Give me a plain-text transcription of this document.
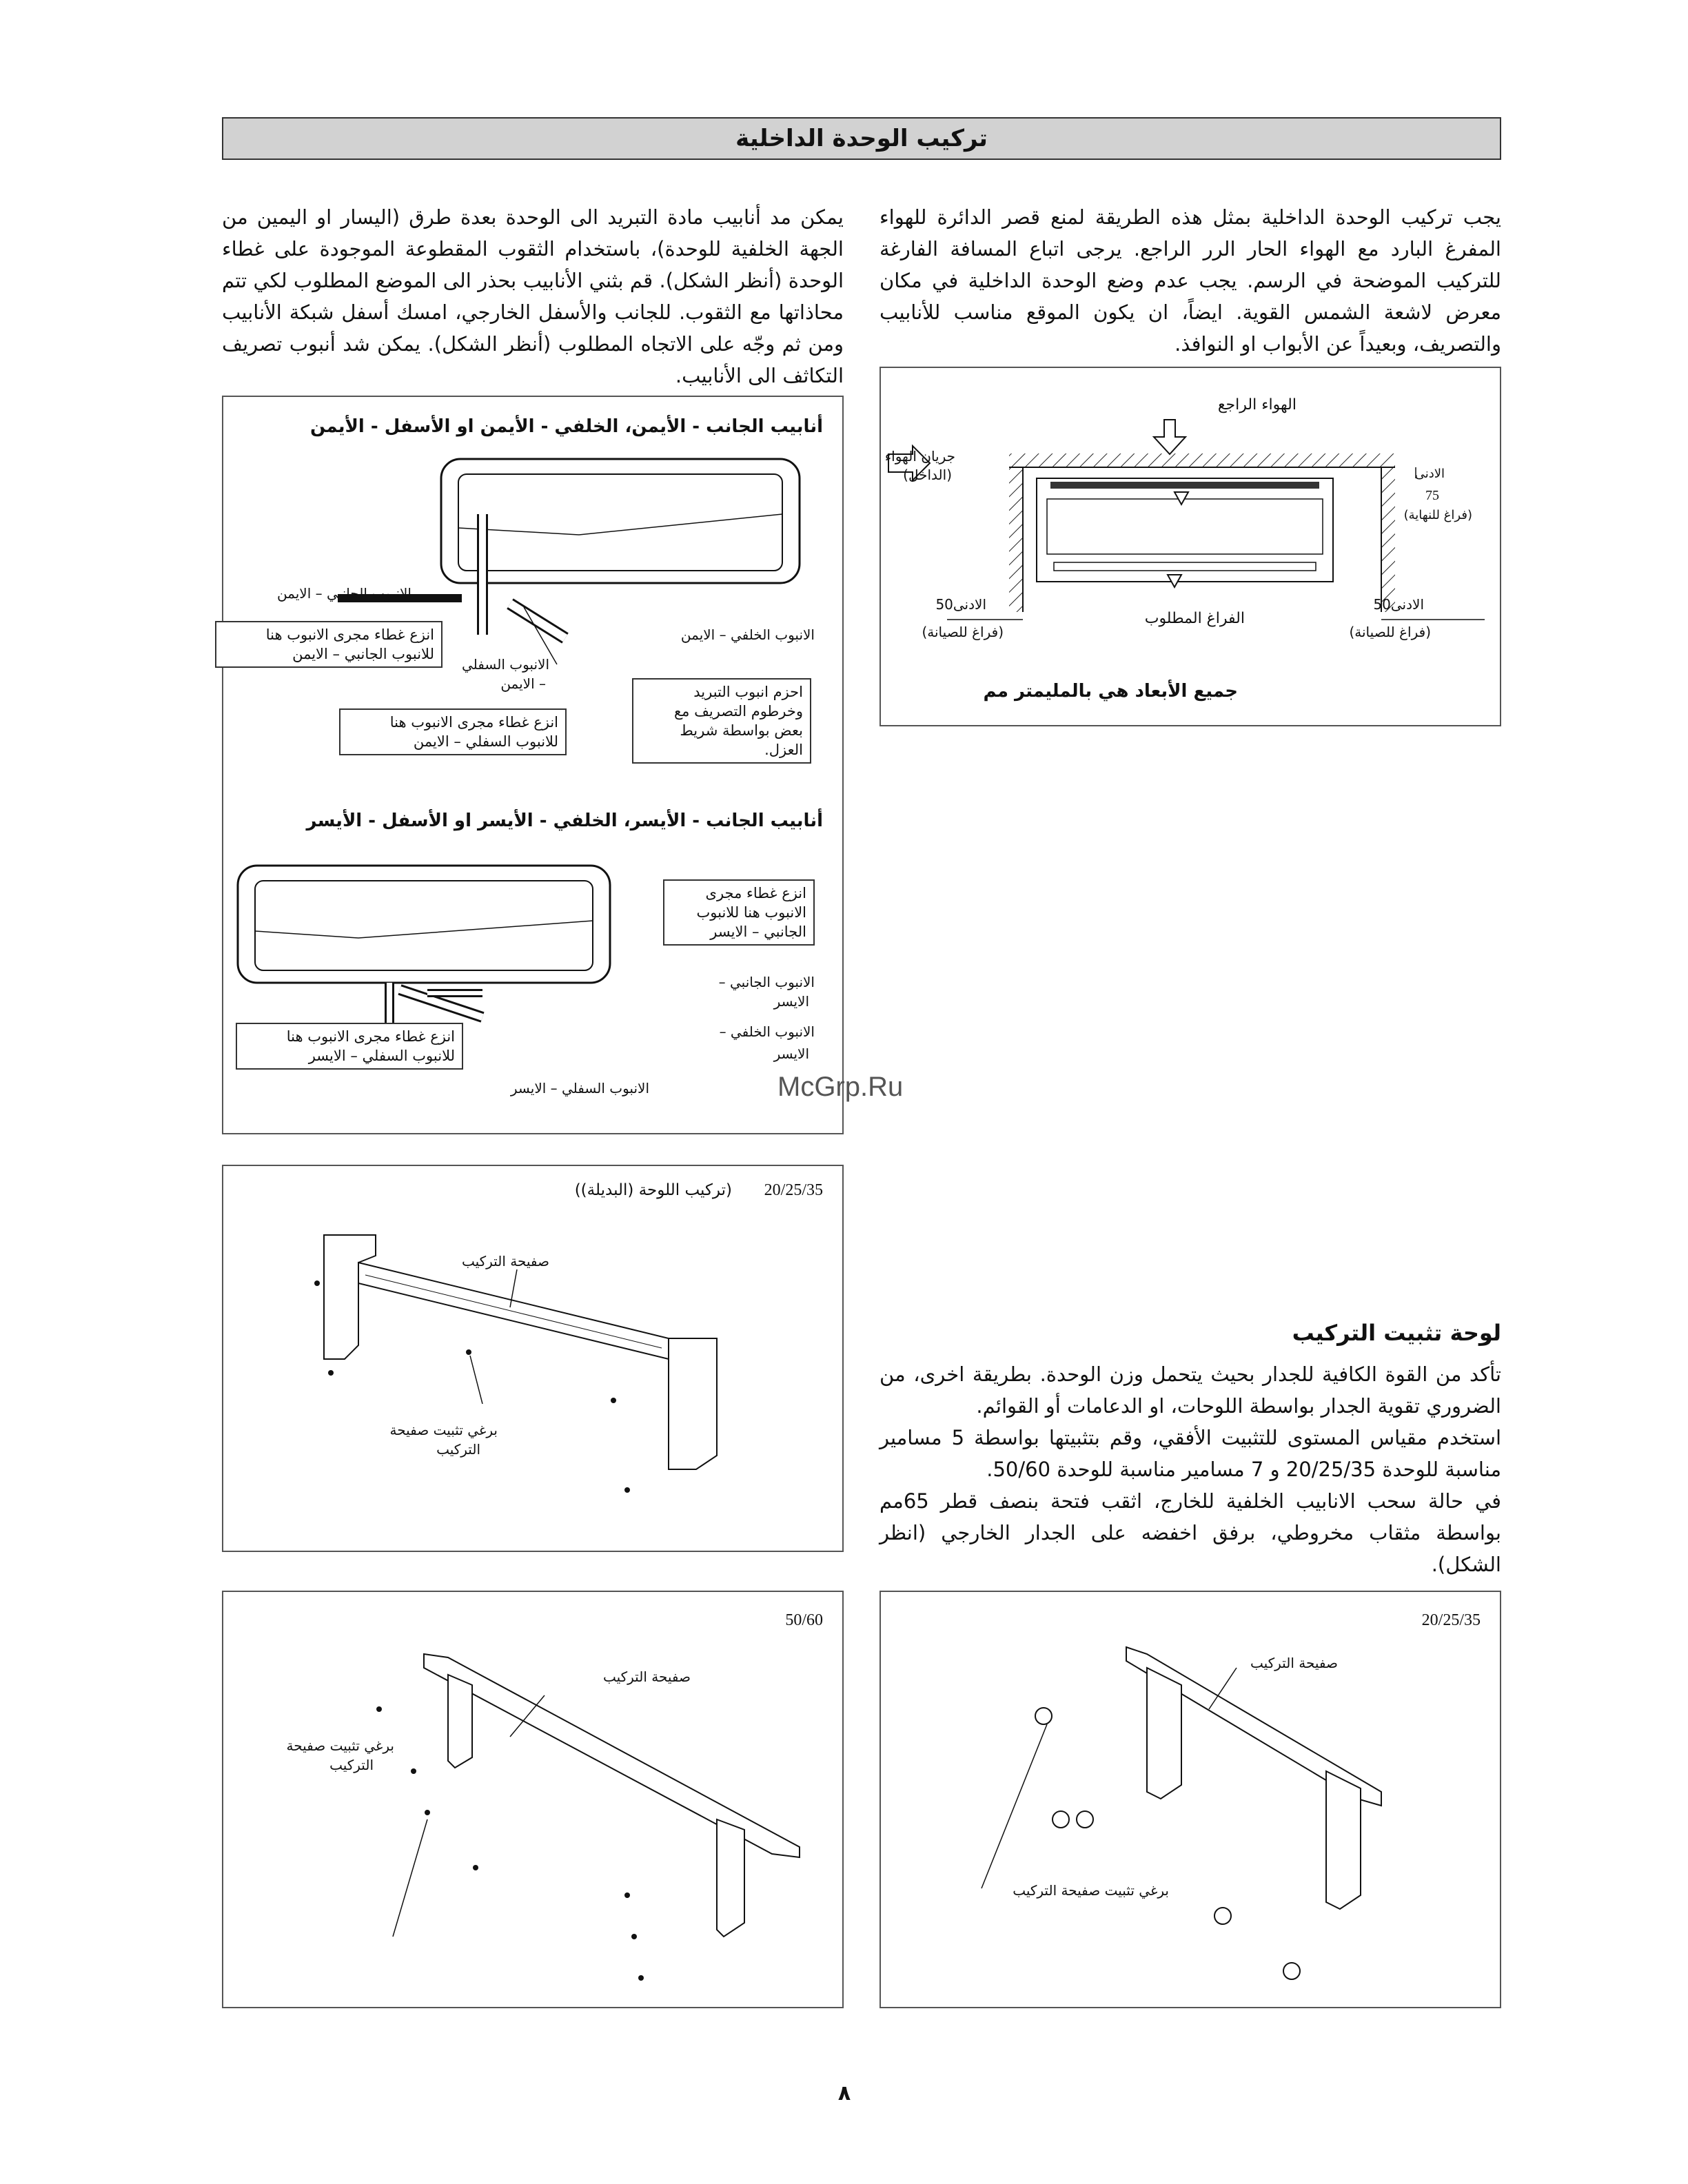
تركيب الوحدة الداخلية

يجب تركيب الوحدة الداخلية بمثل هذه الطريقة لمنع قصر الدائرة للهواء المفرغ البارد مع الهواء الحار الرر الراجع. يرجى اتباع المسافة الفارغة للتركيب الموضحة في الرسم. يجب عدم وضع الوحدة الداخلية في مكان معرض لاشعة الشمس القوية. ايضاً، ان يكون الموقع مناسب للأنابيب والتصريف، وبعيداً عن الأبواب او النوافذ.

يمكن مد أنابيب مادة التبريد الى الوحدة بعدة طرق (اليسار او اليمين من الجهة الخلفية للوحدة)، باستخدام الثقوب المقطوعة الموجودة على غطاء الوحدة (أنظر الشكل). قم بثني الأنابيب بحذر الى الموضع المطلوب لكي تتم محاذاتها مع الثقوب. للجانب والأسفل الخارجي، امسك أسفل شبكة الأنابيب ومن ثم وجّه على الاتجاه المطلوب (أنظر الشكل). يمكن شد أنبوب تصريف التكاثف الى الأنابيب.

الهواء الراجع
جريان الهواء
(الداخل)	الادنى
75
(فراغ للنهاية)
الادنى50
(فراغ للصيانة)
الادنى50
(فراغ للصيانة)
الفراغ المطلوب
جميع الأبعاد هي بالمليمتر مم
أنابيب الجانب - الأيمن، الخلفي - الأيمن او الأسفل - الأيمن
الانبوب الجانبي – الايمن
انزع غطاء مجرى الانبوب هنا
للانبوب الجانبي – الايمن
الانبوب السفلي
– الايمن
الانبوب الخلفي – الايمن
انزع غطاء مجرى الانبوب هنا
للانبوب السفلي – الايمن
احزم انبوب التبريد
وخرطوم التصريف مع
بعض بواسطة شريط
العزل.
أنابيب الجانب - الأيسر، الخلفي - الأيسر او الأسفل - الأيسر
انزع غطاء مجرى
الانبوب هنا للانبوب
الجانبي – الايسر
الانبوب الجانبي –
الايسر
الانبوب الخلفي –
الايسر
انزع غطاء مجرى الانبوب هنا
للانبوب السفلي – الايسر
الانبوب السفلي – الايسر	McGrp.Ru
20/25/35
(تركيب اللوحة (البديلة))
صفيحة التركيب
برغي تثبيت صفيحة
التركيب
لوحة تثبيت التركيب

تأكد من القوة الكافية للجدار بحيث يتحمل وزن الوحدة. بطريقة اخرى، من الضروري تقوية الجدار بواسطة اللوحات، او الدعامات أو القوائم.

استخدم مقياس المستوى للتثبيت الأفقي، وقم بتثبيتها بواسطة 5 مسامير مناسبة للوحدة 20/25/35 و 7 مسامير مناسبة للوحدة 50/60.

في حالة سحب الانابيب الخلفية للخارج، اثقب فتحة بنصف قطر 65مم بواسطة مثقاب مخروطي، برفق اخفضه على الجدار الخارجي (انظر الشكل).

50/60
صفيحة التركيب
برغي تثبيت صفيحة
التركيب
20/25/35
صفيحة التركيب
برغي تثبيت صفيحة التركيب
٨
